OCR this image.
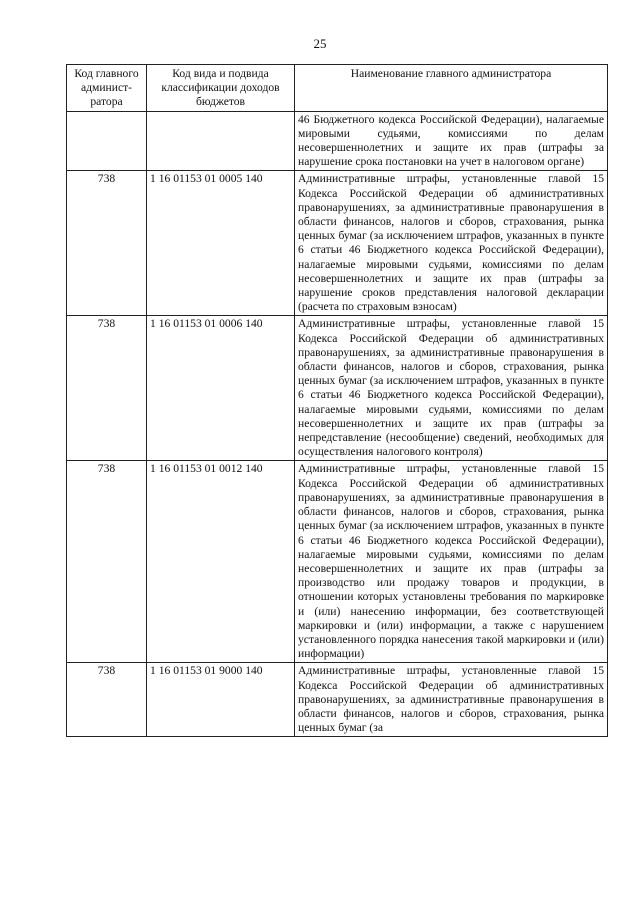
25
Код главного админист-ратора	Код вида и подвида классификации доходов бюджетов	Наименование главного администратора
		46 Бюджетного кодекса Российской Федерации), налагаемые мировыми судьями, комиссиями по делам несовершеннолетних и защите их прав (штрафы за нарушение срока постановки на учет в налоговом органе)
738	1 16 01153 01 0005 140	Административные штрафы, установленные главой 15 Кодекса Российской Федерации об административных правонарушениях, за административные правонарушения в области финансов, налогов и сборов, страхования, рынка ценных бумаг (за исключением штрафов, указанных в пункте 6 статьи 46 Бюджетного кодекса Российской Федерации), налагаемые мировыми судьями, комиссиями по делам несовершеннолетних и защите их прав (штрафы за нарушение сроков представления налоговой декларации (расчета по страховым взносам)
738	1 16 01153 01 0006 140	Административные штрафы, установленные главой 15 Кодекса Российской Федерации об административных правонарушениях, за административные правонарушения в области финансов, налогов и сборов, страхования, рынка ценных бумаг (за исключением штрафов, указанных в пункте 6 статьи 46 Бюджетного кодекса Российской Федерации), налагаемые мировыми судьями, комиссиями по делам несовершеннолетних и защите их прав (штрафы за непредставление (несообщение) сведений, необходимых для осуществления налогового контроля)
738	1 16 01153 01 0012 140	Административные штрафы, установленные главой 15 Кодекса Российской Федерации об административных правонарушениях, за административные правонарушения в области финансов, налогов и сборов, страхования, рынка ценных бумаг (за исключением штрафов, указанных в пункте 6 статьи 46 Бюджетного кодекса Российской Федерации), налагаемые мировыми судьями, комиссиями по делам несовершеннолетних и защите их прав (штрафы за производство или продажу товаров и продукции, в отношении которых установлены требования по маркировке и (или) нанесению информации, без соответствующей маркировки и (или) информации, а также с нарушением установленного порядка нанесения такой маркировки и (или) информации)
738	1 16 01153 01 9000 140	Административные штрафы, установленные главой 15 Кодекса Российской Федерации об административных правонарушениях, за административные правонарушения в области финансов, налогов и сборов, страхования, рынка ценных бумаг (за
